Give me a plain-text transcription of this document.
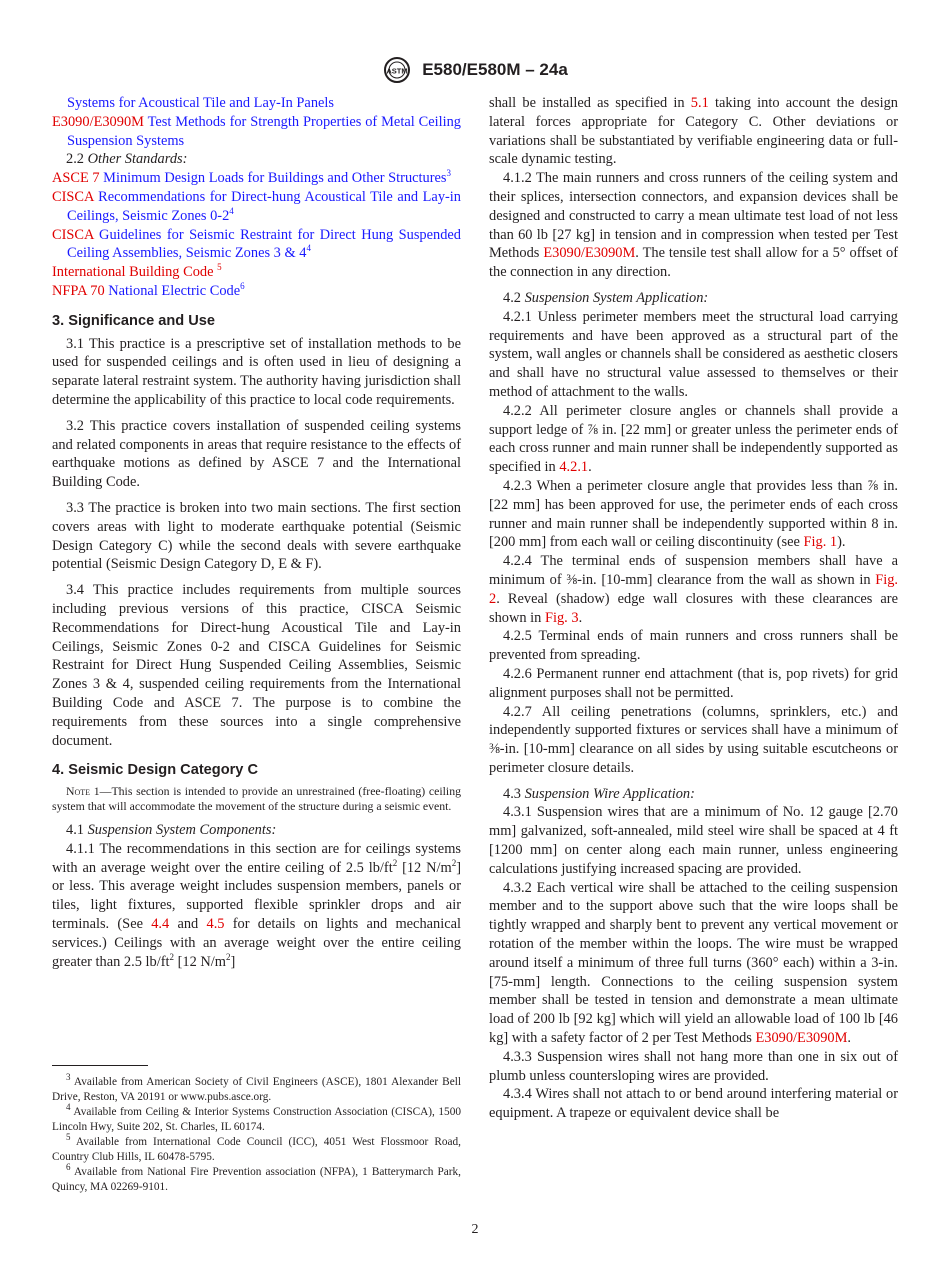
ASTM E580/E580M – 24a

Systems for Acoustical Tile and Lay-In Panels

E3090/E3090M Test Methods for Strength Properties of Metal Ceiling Suspension Systems

2.2 Other Standards:

ASCE 7 Minimum Design Loads for Buildings and Other Structures$^3$

CISCA Recommendations for Direct-hung Acoustical Tile and Lay-in Ceilings, Seismic Zones $0-2^4$

CISCA Guidelines for Seismic Restraint for Direct Hung Suspended Ceiling Assemblies, Seismic Zones 3 & $4^4$

International Building Code $^5$

NFPA 70 National Electric Code$^6$

3. Significance and Use

3.1 This practice is a prescriptive set of installation methods to be used for suspended ceilings and is often used in lieu of designing a separate lateral restraint system. The authority having jurisdiction shall determine the applicability of this practice to local code requirements.

3.2 This practice covers installation of suspended ceiling systems and related components in areas that require resistance to the effects of earthquake motions as defined by ASCE 7 and the International Building Code.

3.3 The practice is broken into two main sections. The first section covers areas with light to moderate earthquake potential (Seismic Design Category C) while the second deals with severe earthquake potential (Seismic Design Category D, E & F).

3.4 This practice includes requirements from multiple sources including previous versions of this practice, CISCA Seismic Recommendations for Direct-hung Acoustical Tile and Lay-in Ceilings, Seismic Zones 0-2 and CISCA Guidelines for Seismic Restraint for Direct Hung Suspended Ceiling Assemblies, Seismic Zones 3 & 4, suspended ceiling requirements from the International Building Code and ASCE 7. The purpose is to combine the requirements from these sources into a single comprehensive document.

4. Seismic Design Category C

Note 1—This section is intended to provide an unrestrained (free-floating) ceiling system that will accommodate the movement of the structure during a seismic event.

4.1 Suspension System Components:

4.1.1 The recommendations in this section are for ceilings systems with an average weight over the entire ceiling of 2.5 $lb/ft^2$ [12 $N/m^2$] or less. This average weight includes suspension members, panels or tiles, light fixtures, supported flexible sprinkler drops and air terminals. (See 4.4 and 4.5 for details on lights and mechanical services.) Ceilings with an average weight over the entire ceiling greater than 2.5 $lb/ft^2$ [12 $N/m^2$]

$^3$ Available from American Society of Civil Engineers (ASCE), 1801 Alexander Bell Drive, Reston, VA 20191 or www.pubs.asce.org.

$^4$ Available from Ceiling & Interior Systems Construction Association (CISCA), 1500 Lincoln Hwy, Suite 202, St. Charles, IL 60174.

$^5$ Available from International Code Council (ICC), 4051 West Flossmoor Road, Country Club Hills, IL 60478-5795.

$^6$ Available from National Fire Prevention association (NFPA), 1 Batterymarch Park, Quincy, MA 02269-9101.

shall be installed as specified in 5.1 taking into account the design lateral forces appropriate for Category C. Other deviations or variations shall be substantiated by verifiable engineering data or full-scale dynamic testing.

4.1.2 The main runners and cross runners of the ceiling system and their splices, intersection connectors, and expansion devices shall be designed and constructed to carry a mean ultimate test load of not less than 60 lb [27 kg] in tension and in compression when tested per Test Methods E3090/E3090M. The tensile test shall allow for a 5° offset of the connection in any direction.

4.2 Suspension System Application:

4.2.1 Unless perimeter members meet the structural load carrying requirements and have been approved as a structural part of the system, wall angles or channels shall be considered as aesthetic closers and shall have no structural value assessed to themselves or their method of attachment to the walls.

4.2.2 All perimeter closure angles or channels shall provide a support ledge of ⅞ in. [22 mm] or greater unless the perimeter ends of each cross runner and main runner shall be independently supported as specified in 4.2.1.

4.2.3 When a perimeter closure angle that provides less than ⅞ in. [22 mm] has been approved for use, the perimeter ends of each cross runner and main runner shall be independently supported within 8 in. [200 mm] from each wall or ceiling discontinuity (see Fig. 1).

4.2.4 The terminal ends of suspension members shall have a minimum of ⅜-in. [10-mm] clearance from the wall as shown in Fig. 2. Reveal (shadow) edge wall closures with these clearances are shown in Fig. 3.

4.2.5 Terminal ends of main runners and cross runners shall be prevented from spreading.

4.2.6 Permanent runner end attachment (that is, pop rivets) for grid alignment purposes shall not be permitted.

4.2.7 All ceiling penetrations (columns, sprinklers, etc.) and independently supported fixtures or services shall have a minimum of ⅜-in. [10-mm] clearance on all sides by using suitable escutcheons or perimeter closure details.

4.3 Suspension Wire Application:

4.3.1 Suspension wires that are a minimum of No. 12 gauge [2.70 mm] galvanized, soft-annealed, mild steel wire shall be spaced at 4 ft [1200 mm] on center along each main runner, unless engineering calculations justifying increased spacing are provided.

4.3.2 Each vertical wire shall be attached to the ceiling suspension member and to the support above such that the wire loops shall be tightly wrapped and sharply bent to prevent any vertical movement or rotation of the member within the loops. The wire must be wrapped around itself a minimum of three full turns (360° each) within a 3-in. [75-mm] length. Connections to the ceiling suspension system member shall be tested in tension and demonstrate a mean ultimate load of 200 lb [92 kg] which will yield an allowable load of 100 lb [46 kg] with a safety factor of 2 per Test Methods E3090/E3090M.

4.3.3 Suspension wires shall not hang more than one in six out of plumb unless countersloping wires are provided.

4.3.4 Wires shall not attach to or bend around interfering material or equipment. A trapeze or equivalent device shall be

2
